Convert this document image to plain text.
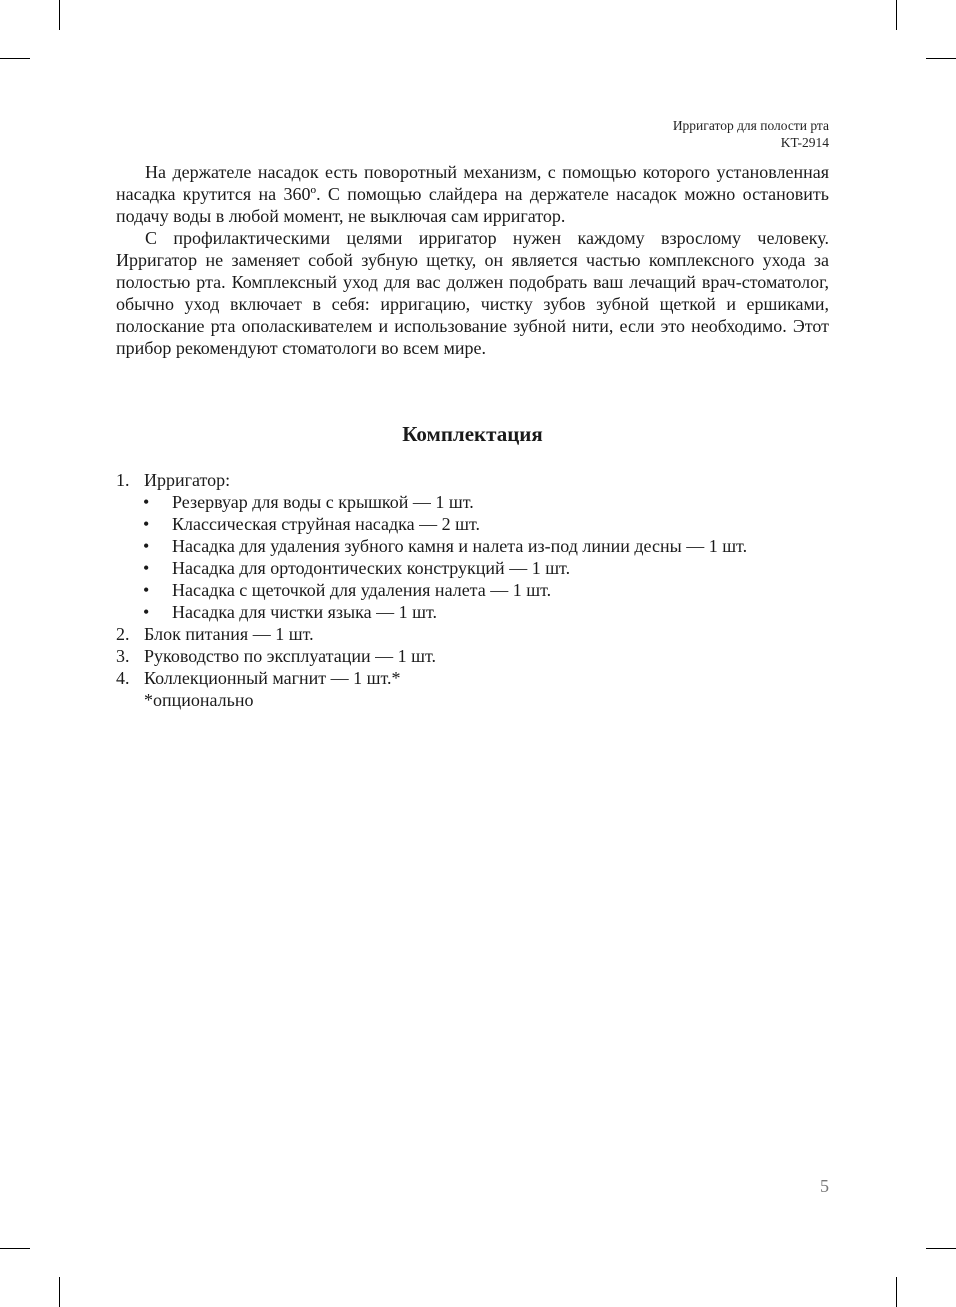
Ирригатор для полости рта
KT-2914

На держателе насадок есть поворотный механизм, с помощью которого установленная насадка крутится на 360º. С помощью слайдера на держателе насадок можно остановить подачу воды в любой момент, не выключая сам ирригатор.

С профилактическими целями ирригатор нужен каждому взрослому человеку. Ирригатор не заменяет собой зубную щетку, он является частью комплексного ухода за полостью рта. Комплексный уход для вас должен подобрать ваш лечащий врач-стоматолог, обычно уход включает в себя: ирригацию, чистку зубов зубной щеткой и ершиками, полоскание рта ополаскивателем и использование зубной нити, если это необходимо. Этот прибор рекомендуют стоматологи во всем мире.

Комплектация
1. Ирригатор:
• Резервуар для воды с крышкой — 1 шт.
• Классическая струйная насадка — 2 шт.
• Насадка для удаления зубного камня и налета из-под линии десны — 1 шт.
• Насадка для ортодонтических конструкций — 1 шт.
• Насадка с щеточкой для удаления налета — 1 шт.
• Насадка для чистки языка — 1 шт.
2. Блок питания — 1 шт.
3. Руководство по эксплуатации — 1 шт.
4. Коллекционный магнит — 1 шт.*
*опционально
5
